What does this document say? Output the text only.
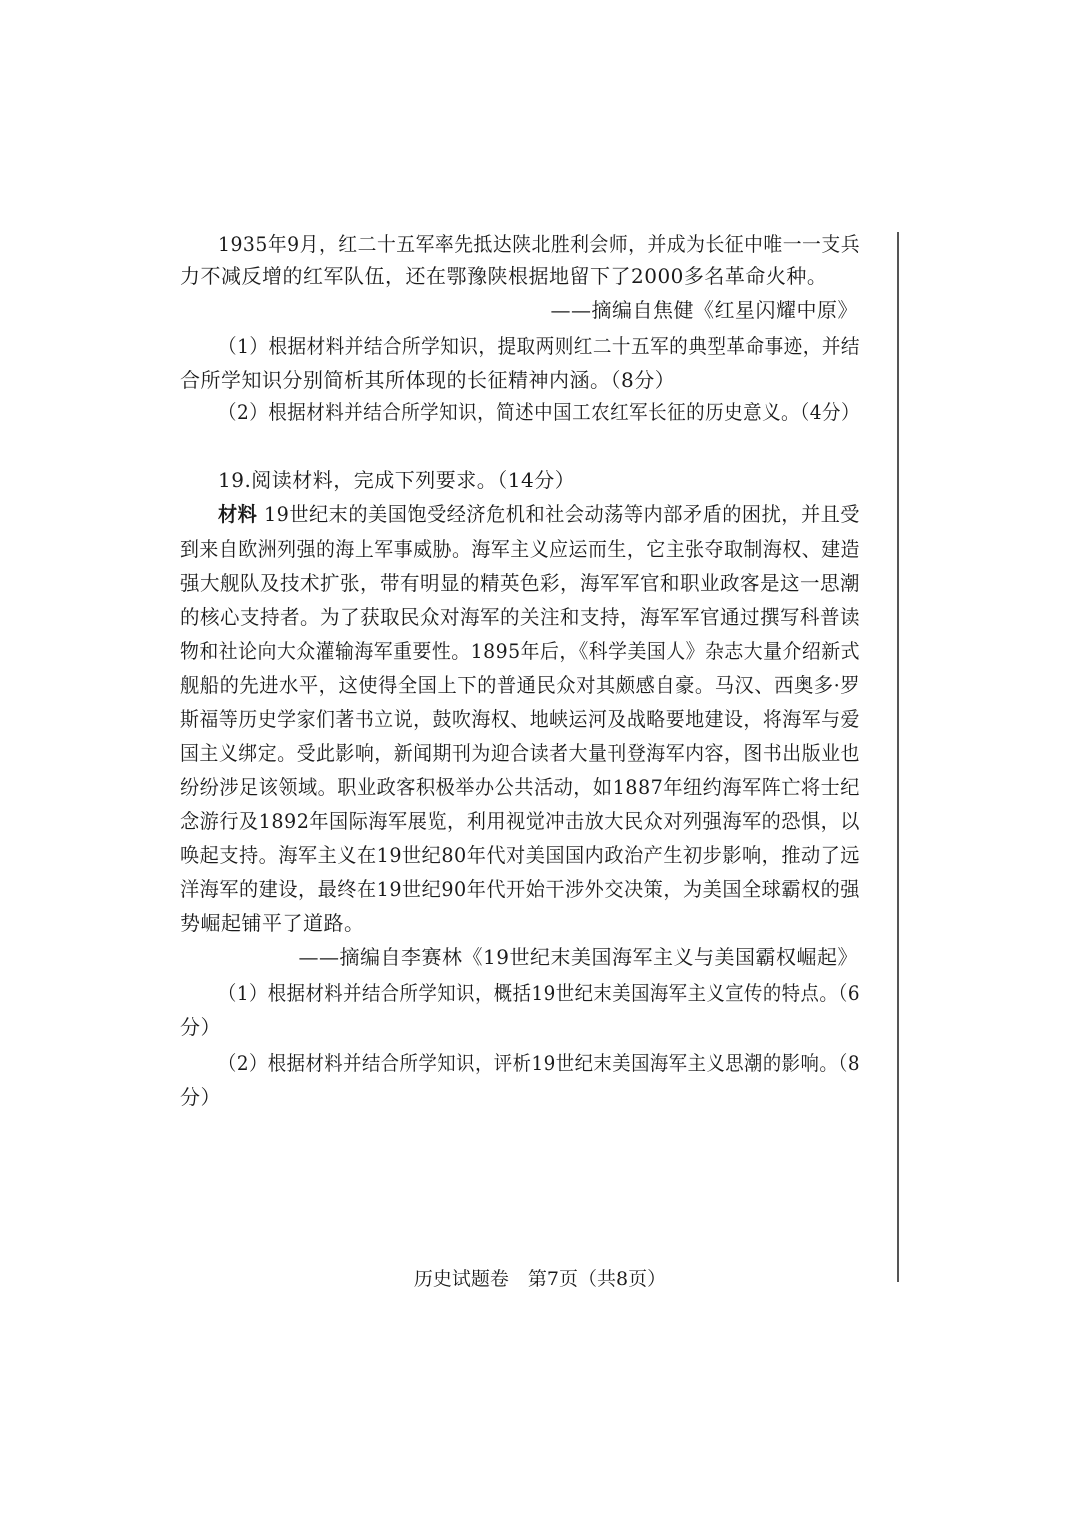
1935年9月，红二十五军率先抵达陕北胜利会师，并成为长征中唯一一支兵
力不减反增的红军队伍，还在鄂豫陕根据地留下了2000多名革命火种。
——摘编自焦健《红星闪耀中原》
（1）根据材料并结合所学知识，提取两则红二十五军的典型革命事迹，并结
合所学知识分别简析其所体现的长征精神内涵。（8分）
（2）根据材料并结合所学知识，简述中国工农红军长征的历史意义。（4分）
19.阅读材料，完成下列要求。（14分）
材料 19世纪末的美国饱受经济危机和社会动荡等内部矛盾的困扰，并且受
到来自欧洲列强的海上军事威胁。海军主义应运而生，它主张夺取制海权、建造
强大舰队及技术扩张，带有明显的精英色彩，海军军官和职业政客是这一思潮
的核心支持者。为了获取民众对海军的关注和支持，海军军官通过撰写科普读
物和社论向大众灌输海军重要性。1895年后，《科学美国人》杂志大量介绍新式
舰船的先进水平，这使得全国上下的普通民众对其颇感自豪。马汉、西奥多·罗
斯福等历史学家们著书立说，鼓吹海权、地峡运河及战略要地建设，将海军与爱
国主义绑定。受此影响，新闻期刊为迎合读者大量刊登海军内容，图书出版业也
纷纷涉足该领域。职业政客积极举办公共活动，如1887年纽约海军阵亡将士纪
念游行及1892年国际海军展览，利用视觉冲击放大民众对列强海军的恐惧，以
唤起支持。海军主义在19世纪80年代对美国国内政治产生初步影响，推动了远
洋海军的建设，最终在19世纪90年代开始干涉外交决策，为美国全球霸权的强
势崛起铺平了道路。
——摘编自李赛林《19世纪末美国海军主义与美国霸权崛起》
（1）根据材料并结合所学知识，概括19世纪末美国海军主义宣传的特点。（6
分）
（2）根据材料并结合所学知识，评析19世纪末美国海军主义思潮的影响。（8
分）
历史试题卷　第7页（共8页）
